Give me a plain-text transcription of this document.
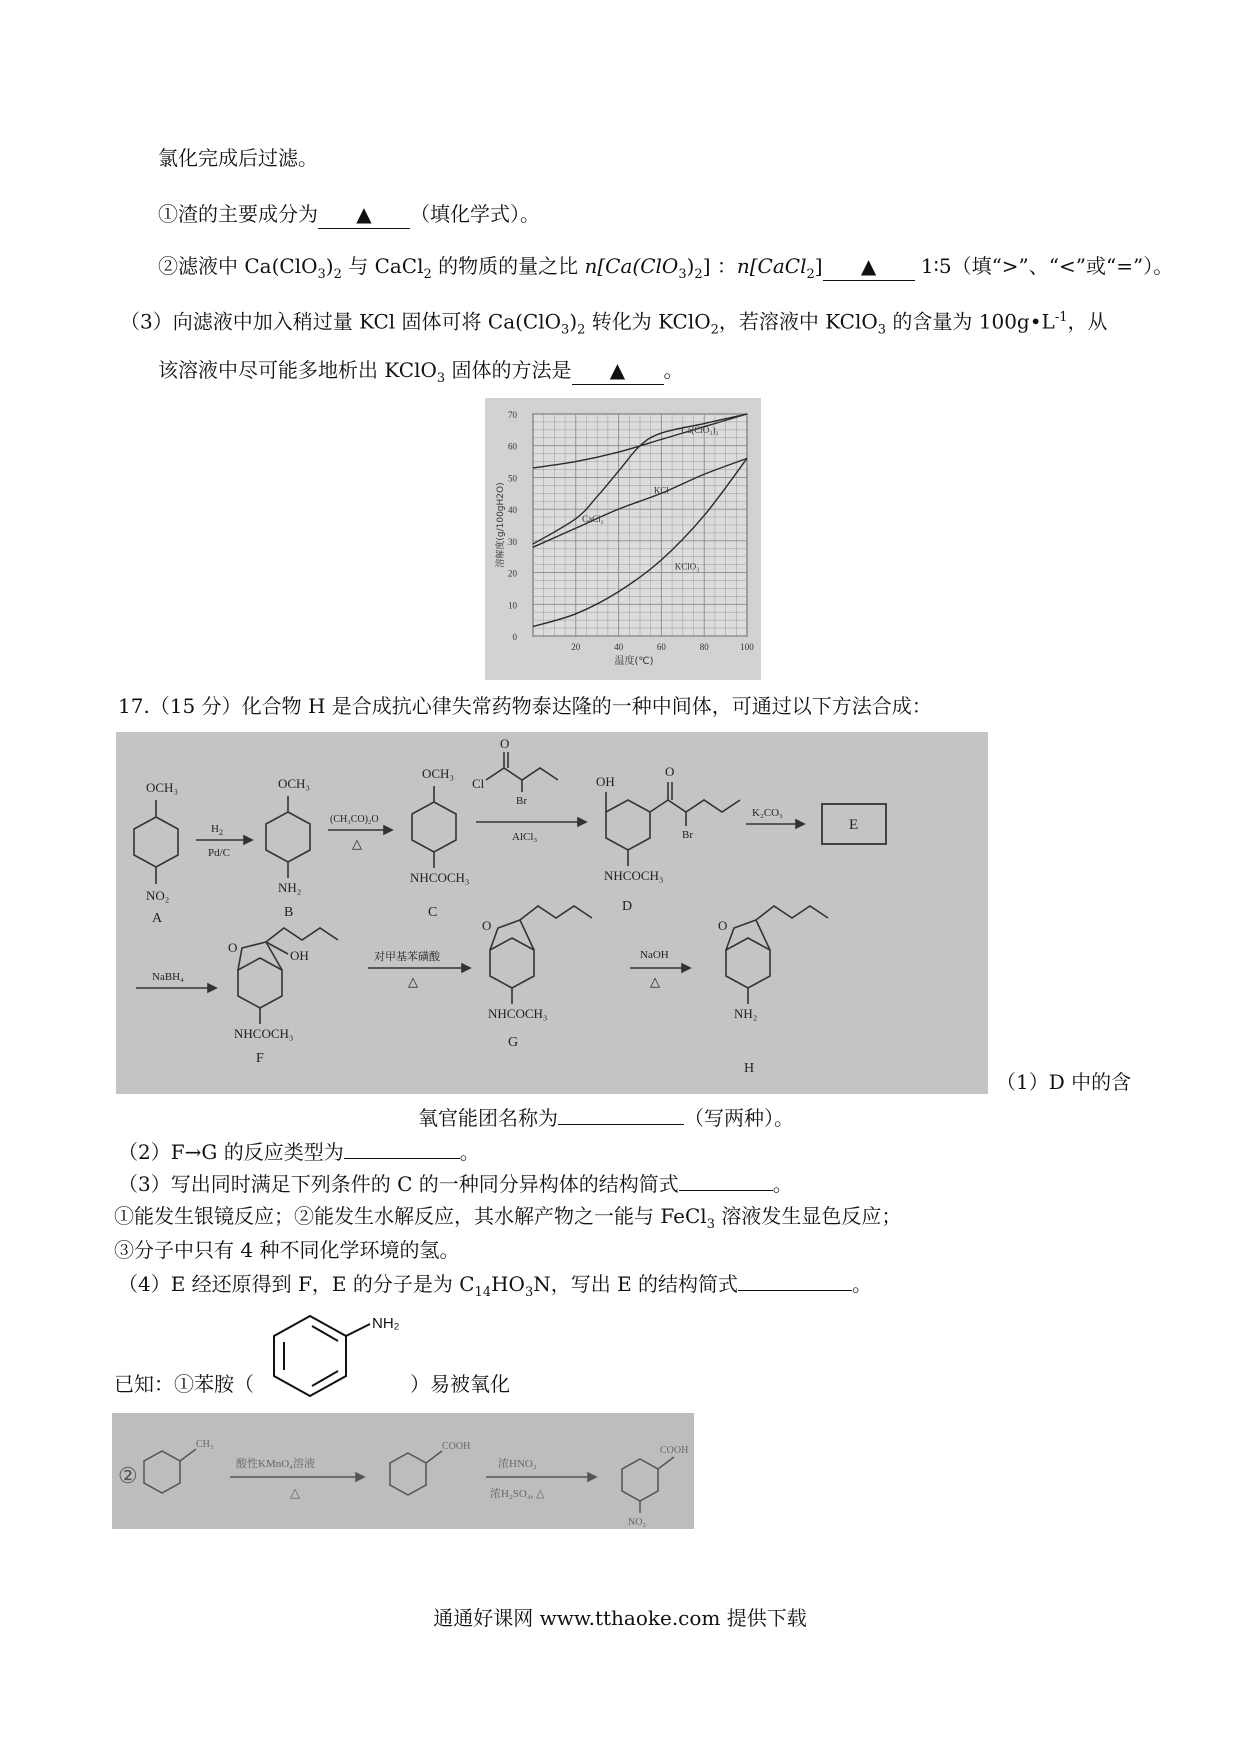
氯化完成后过滤。
①渣的主要成分为 ▲ （填化学式）。
②滤液中 $Ca(ClO_3)_2$ 与 CaCl$_2$ 的物质的量之比 $n[Ca(ClO_3)_2]$ ：n[CaCl$_2$] ▲ 1∶5（填“>”、“<”或“=”）。
（3）向滤液中加入稍过量 KCl 固体可将 $Ca(ClO_3)_2$ 转化为 KClO$_2$，若溶液中 KClO$_3$ 的含量为 $100g•L^{-1}$，从
该溶液中尽可能多地析出 KClO$_3$ 固体的方法是 ▲ 。
0
10
20
30
40
50
60
70
20	40	60	80	100
温度(℃)
溶解度(g/100gH2O)
Ca(ClO₃)₂
CaCl₂
KCl
KClO₃
17.（15 分）化合物 H 是合成抗心律失常药物泰达隆的一种中间体，可通过以下方法合成：
OCH₃
NO₂
A
$H_2$
Pd/C
OCH₃
NH₂
B
(CH₃CO)₂O
△
OCH₃
NHCOCH₃
C
O
Cl
Br
AlCl₃
OH
O
Br
NHCOCH₃
D
K₂CO₃
E
NaBH₄
O
OH
NHCOCH₃
F
对甲基苯磺酸
△
O
NHCOCH₃
G
NaOH
△
O
NH₂
H
（1）D 中的含
氧官能团名称为	（写两种）。
（2）F→G 的反应类型为	。
（3）写出同时满足下列条件的 C 的一种同分异构体的结构简式	。
①能发生银镜反应；②能发生水解反应，其水解产物之一能与 FeCl$_3$ 溶液发生显色反应；
③分子中只有 4 种不同化学环境的氢。
（4）E 经还原得到 F，E 的分子是为 $C_{14}HO_3N$，写出 E 的结构简式	。
已知：①苯胺（	）易被氧化
NH₂
②
CH₃
酸性KMnO₄溶液
△
COOH
浓HNO₃
浓H₂SO₄, △
COOH
NO₂
通通好课网 www.tthaoke.com 提供下载
